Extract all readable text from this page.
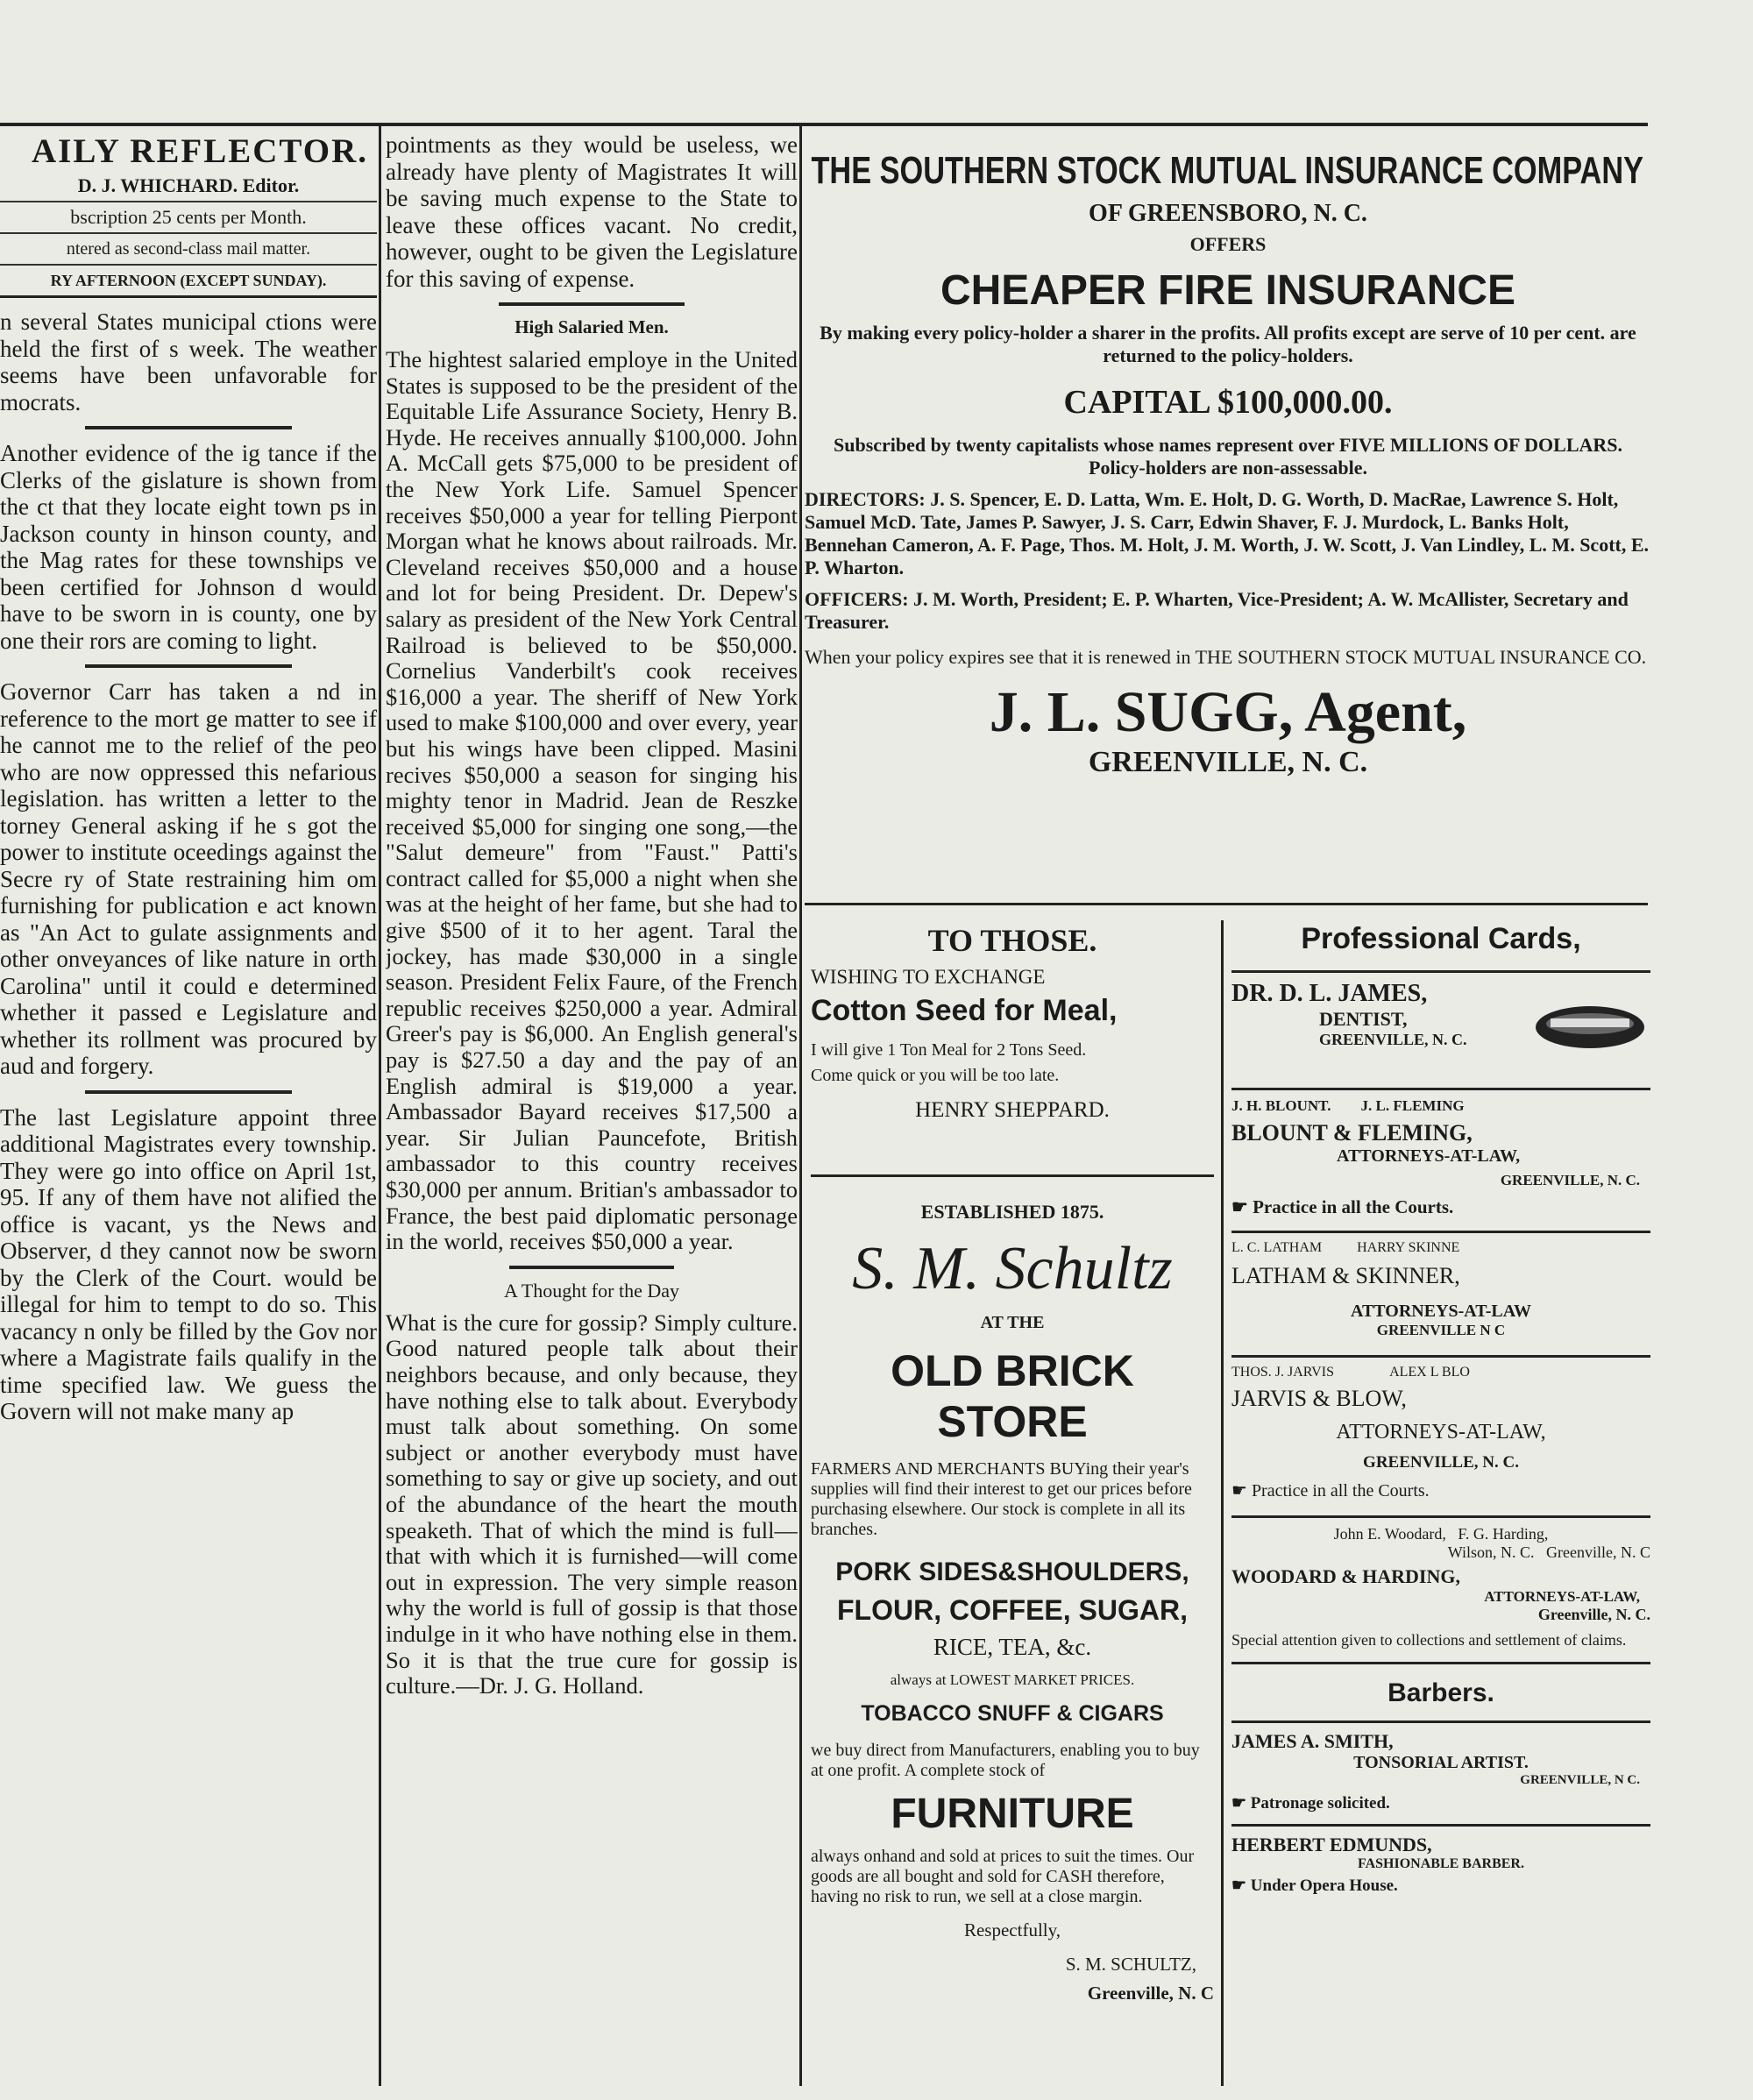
AILY REFLECTOR.
D. J. WHICHARD. Editor.
bscription 25 cents per Month.
ntered as second-class mail matter.
RY AFTERNOON (EXCEPT SUNDAY).

n several States municipal ctions were held the first of s week. The weather seems have been unfavorable for mocrats.

Another evidence of the ig tance if the Clerks of the gislature is shown from the ct that they locate eight town ps in Jackson county in hinson county, and the Mag rates for these townships ve been certified for Johnson d would have to be sworn in is county, one by one their rors are coming to light.

Governor Carr has taken a nd in reference to the mort ge matter to see if he cannot me to the relief of the peo who are now oppressed this nefarious legislation. has written a letter to the torney General asking if he s got the power to institute oceedings against the Secre ry of State restraining him om furnishing for publication e act known as "An Act to gulate assignments and other onveyances of like nature in orth Carolina" until it could e determined whether it passed e Legislature and whether its rollment was procured by aud and forgery.

The last Legislature appoint three additional Magistrates every township. They were go into office on April 1st, 95. If any of them have not alified the office is vacant, ys the News and Observer, d they cannot now be sworn by the Clerk of the Court. would be illegal for him to tempt to do so. This vacancy n only be filled by the Gov nor where a Magistrate fails qualify in the time specified law. We guess the Govern will not make many ap

pointments as they would be useless, we already have plenty of Magistrates It will be saving much expense to the State to leave these offices vacant. No credit, however, ought to be given the Legislature for this saving of expense.

High Salaried Men.

The hightest salaried employe in the United States is supposed to be the president of the Equitable Life Assurance Society, Henry B. Hyde. He receives annually $100,000. John A. McCall gets $75,000 to be president of the New York Life. Samuel Spencer receives $50,000 a year for telling Pierpont Morgan what he knows about railroads. Mr. Cleveland receives $50,000 and a house and lot for being President. Dr. Depew's salary as president of the New York Central Railroad is believed to be $50,000. Cornelius Vanderbilt's cook receives $16,000 a year. The sheriff of New York used to make $100,000 and over every, year but his wings have been clipped. Masini recives $50,000 a season for singing his mighty tenor in Madrid. Jean de Reszke received $5,000 for singing one song,—the "Salut demeure" from "Faust." Patti's contract called for $5,000 a night when she was at the height of her fame, but she had to give $500 of it to her agent. Taral the jockey, has made $30,000 in a single season. President Felix Faure, of the French republic receives $250,000 a year. Admiral Greer's pay is $6,000. An English general's pay is $27.50 a day and the pay of an English admiral is $19,000 a year. Ambassador Bayard receives $17,500 a year. Sir Julian Pauncefote, British ambassador to this country receives $30,000 per annum. Britian's ambassador to France, the best paid diplomatic personage in the world, receives $50,000 a year.

A Thought for the Day

What is the cure for gossip? Simply culture. Good natured people talk about their neighbors because, and only because, they have nothing else to talk about. Everybody must talk about something. On some subject or another everybody must have something to say or give up society, and out of the abundance of the heart the mouth speaketh. That of which the mind is full—that with which it is furnished—will come out in expression. The very simple reason why the world is full of gossip is that those indulge in it who have nothing else in them. So it is that the true cure for gossip is culture.—Dr. J. G. Holland.

THE SOUTHERN STOCK MUTUAL INSURANCE COMPANY
OF GREENSBORO, N. C.
OFFERS
CHEAPER FIRE INSURANCE

By making every policy-holder a sharer in the profits. All profits except are serve of 10 per cent. are returned to the policy-holders.

CAPITAL $100,000.00.

Subscribed by twenty capitalists whose names represent over FIVE MILLIONS OF DOLLARS. Policy-holders are non-assessable.

DIRECTORS: J. S. Spencer, E. D. Latta, Wm. E. Holt, D. G. Worth, D. MacRae, Lawrence S. Holt, Samuel McD. Tate, James P. Sawyer, J. S. Carr, Edwin Shaver, F. J. Murdock, L. Banks Holt, Bennehan Cameron, A. F. Page, Thos. M. Holt, J. M. Worth, J. W. Scott, J. Van Lindley, L. M. Scott, E. P. Wharton.

OFFICERS: J. M. Worth, President; E. P. Wharten, Vice-President; A. W. McAllister, Secretary and Treasurer.

When your policy expires see that it is renewed in THE SOUTHERN STOCK MUTUAL INSURANCE CO.

J. L. SUGG, Agent,
GREENVILLE, N. C.
TO THOSE.
WISHING TO EXCHANGE
Cotton Seed for Meal,
I will give 1 Ton Meal for 2 Tons Seed.
Come quick or you will be too late.
HENRY SHEPPARD.
ESTABLISHED 1875.
S. M. Schultz
AT THE
OLD BRICK STORE

FARMERS AND MERCHANTS BUYing their year's supplies will find their interest to get our prices before purchasing elsewhere. Our stock is complete in all its branches.

PORK SIDES&SHOULDERS,
FLOUR, COFFEE, SUGAR,
RICE, TEA, &c.
always at LOWEST MARKET PRICES.
TOBACCO SNUFF & CIGARS

we buy direct from Manufacturers, enabling you to buy at one profit. A complete stock of

FURNITURE

always onhand and sold at prices to suit the times. Our goods are all bought and sold for CASH therefore, having no risk to run, we sell at a close margin.

Respectfully,
S. M. SCHULTZ,
Greenville, N. C
Professional Cards,
DR. D. L. JAMES,
DENTIST,
GREENVILLE, N. C.
J. H. BLOUNT.        J. L. FLEMING
BLOUNT & FLEMING,
ATTORNEYS-AT-LAW,
GREENVILLE, N. C.
☛ Practice in all the Courts.
L. C. LATHAM          HARRY SKINNE
LATHAM & SKINNER,
ATTORNEYS-AT-LAW
GREENVILLE N C
THOS. J. JARVIS                ALEX L BLO
JARVIS & BLOW,
ATTORNEYS-AT-LAW,
GREENVILLE, N. C.
☛ Practice in all the Courts.
John E. Woodard,   F. G. Harding,
Wilson, N. C.   Greenville, N. C
WOODARD & HARDING,
ATTORNEYS-AT-LAW,
Greenville, N. C.
Special attention given to collections and settlement of claims.
Barbers.
JAMES A. SMITH,
TONSORIAL ARTIST.
GREENVILLE, N C.
☛ Patronage solicited.
HERBERT EDMUNDS,
FASHIONABLE BARBER.
☛ Under Opera House.
